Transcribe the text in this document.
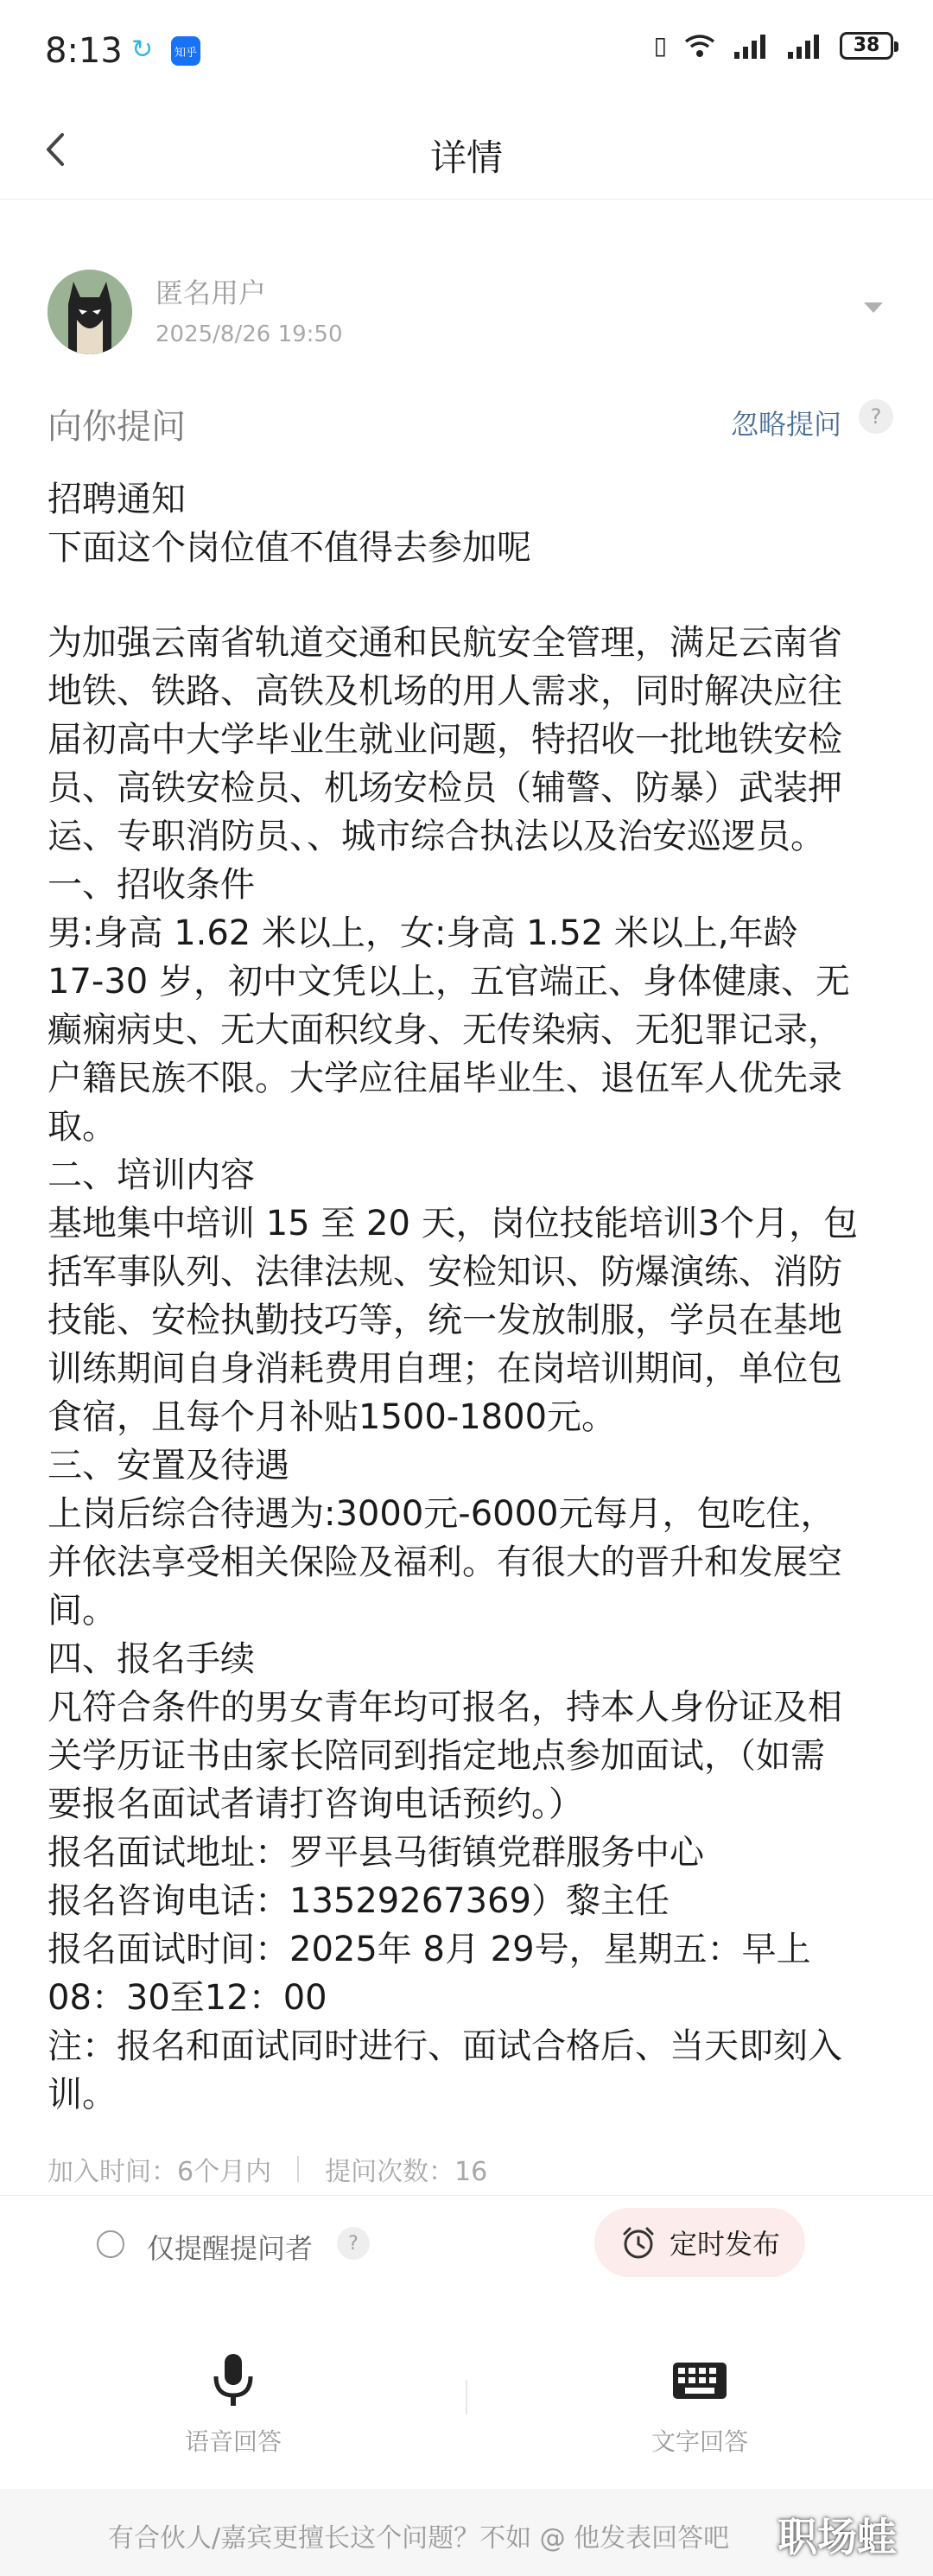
8:13 ↻	知乎	▯	38
详情
匿名用户
2025/8/26 19:50
向你提问	忽略提问	?
招聘通知
下面这个岗位值不值得去参加呢

为加强云南省轨道交通和民航安全管理，满足云南省

地铁、铁路、高铁及机场的用人需求，同时解决应往

届初高中大学毕业生就业问题，特招收一批地铁安检

员、高铁安检员、机场安检员（辅警、防暴）武装押

运、专职消防员、、城市综合执法以及治安巡逻员。

一、招收条件

男:身高 1.62 米以上，女:身高 1.52 米以上,年龄

17-30 岁，初中文凭以上，五官端正、身体健康、无

癫痫病史、无大面积纹身、无传染病、无犯罪记录，

户籍民族不限。大学应往届毕业生、退伍军人优先录

取。

二、培训内容

基地集中培训 15 至 20 天，岗位技能培训3个月，包

括军事队列、法律法规、安检知识、防爆演练、消防

技能、安检执勤技巧等，统一发放制服，学员在基地

训练期间自身消耗费用自理；在岗培训期间，单位包

食宿，且每个月补贴1500-1800元。

三、安置及待遇

上岗后综合待遇为:3000元-6000元每月，包吃住，

并依法享受相关保险及福利。有很大的晋升和发展空

间。

四、报名手续

凡符合条件的男女青年均可报名，持本人身份证及相

关学历证书由家长陪同到指定地点参加面试，（如需

要报名面试者请打咨询电话预约。）

报名面试地址：罗平县马街镇党群服务中心

报名咨询电话：13529267369）黎主任

报名面试时间：2025年 8月 29号，星期五：早上

08：30至12：00

注：报名和面试同时进行、面试合格后、当天即刻入

训。

加入时间：6个月内 提问次数：16
仅提醒提问者	?	定时发布
语音回答	文字回答
有合伙人/嘉宾更擅长这个问题？不如 @ 他发表回答吧 职场蛙
